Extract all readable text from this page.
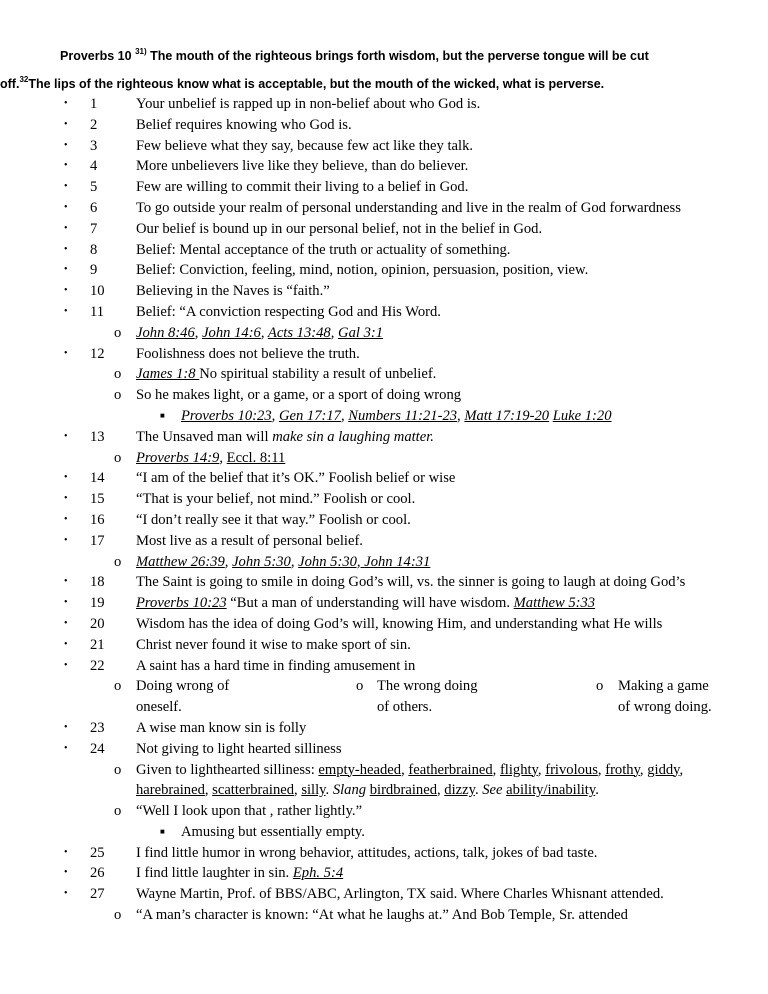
Proverbs 10 $^{31)}$ The mouth of the righteous brings forth wisdom, but the perverse tongue will be cut
off.$^{32}$The lips of the righteous know what is acceptable, but the mouth of the wicked, what is perverse.
• 1	Your unbelief is rapped up in non-belief about who God is.
• 2	Belief requires knowing who God is.
• 3	Few believe what they say, because few act like they talk.
• 4	More unbelievers live like they believe, than do believer.
• 5	Few are willing to commit their living to a belief in God.
• 6	To go outside your realm of personal understanding and live in the realm of God forwardness
• 7	Our belief is bound up in our personal belief, not in the belief in God.
• 8	Belief: Mental acceptance of the truth or actuality of something.
• 9	Belief: Conviction, feeling, mind, notion, opinion, persuasion, position, view.
• 10 Believing in the Naves is “faith.”
• 11 Belief: “A conviction respecting God and His Word.
o John 8:46, John 14:6, Acts 13:48, Gal 3:1
• 12 Foolishness does not believe the truth.
o James 1:8 No spiritual stability a result of unbelief.
o So he makes light, or a game, or a sport of doing wrong
■ Proverbs 10:23, Gen 17:17, Numbers 11:21-23, Matt 17:19-20 Luke 1:20
• 13 The Unsaved man will make sin a laughing matter.
o Proverbs 14:9, Eccl. 8:11
• 14 “I am of the belief that it’s OK.” Foolish belief or wise
• 15 “That is your belief, not mind.” Foolish or cool.
• 16 “I don’t really see it that way.” Foolish or cool.
• 17 Most live as a result of personal belief.
o Matthew 26:39, John 5:30, John 5:30, John 14:31
• 18 The Saint is going to smile in doing God’s will, vs. the sinner is going to laugh at doing God’s
• 19 Proverbs 10:23 “But a man of understanding will have wisdom. Matthew 5:33
• 20 Wisdom has the idea of doing God’s will, knowing Him, and understanding what He wills
• 21 Christ never found it wise to make sport of sin.
• 22 A saint has a hard time in finding amusement in
o Doing wrong of	o The wrong doing	o Making a game
oneself.	of others.	of wrong doing.
• 23 A wise man know sin is folly
• 24 Not giving to light hearted silliness
o Given to lighthearted silliness: empty-headed, featherbrained, flighty, frivolous, frothy, giddy,
harebrained, scatterbrained, silly. Slang birdbrained, dizzy. See ability/inability.
o “Well I look upon that , rather lightly.”
■ Amusing but essentially empty.
• 25 I find little humor in wrong behavior, attitudes, actions, talk, jokes of bad taste.
• 26 I find little laughter in sin. Eph. 5:4
• 27 Wayne Martin, Prof. of BBS/ABC, Arlington, TX said. Where Charles Whisnant attended.
o “A man’s character is known: “At what he laughs at.” And Bob Temple, Sr. attended
